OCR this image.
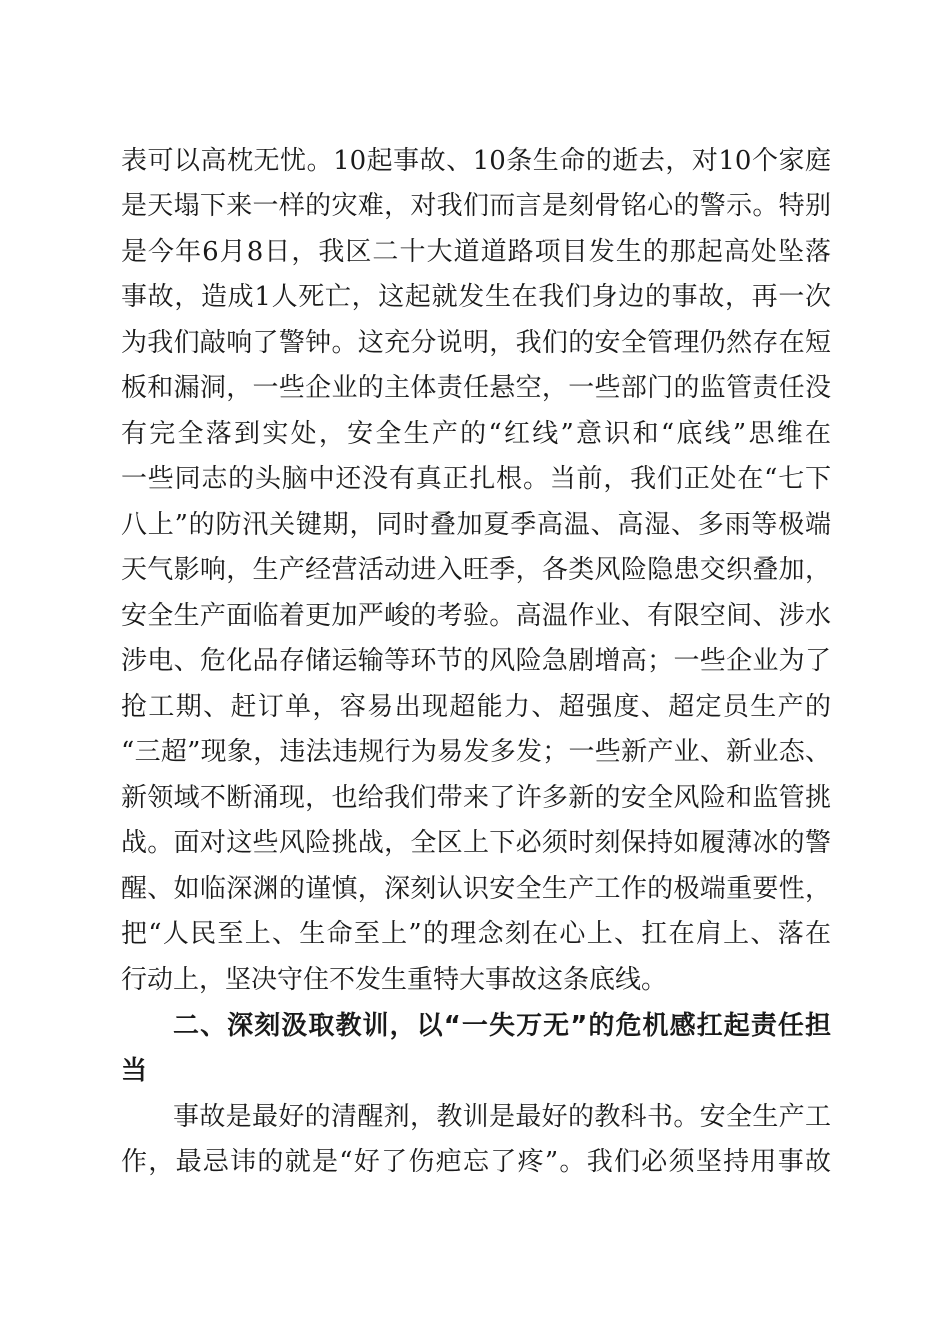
表可以高枕无忧。10起事故、10条生命的逝去，对10个家庭
是天塌下来一样的灾难，对我们而言是刻骨铭心的警示。特别
是今年6月8日，我区二十大道道路项目发生的那起高处坠落
事故，造成1人死亡，这起就发生在我们身边的事故，再一次
为我们敲响了警钟。这充分说明，我们的安全管理仍然存在短
板和漏洞，一些企业的主体责任悬空，一些部门的监管责任没
有完全落到实处，安全生产的“红线”意识和“底线”思维在
一些同志的头脑中还没有真正扎根。当前，我们正处在“七下
八上”的防汛关键期，同时叠加夏季高温、高湿、多雨等极端
天气影响，生产经营活动进入旺季，各类风险隐患交织叠加，
安全生产面临着更加严峻的考验。高温作业、有限空间、涉水
涉电、危化品存储运输等环节的风险急剧增高；一些企业为了
抢工期、赶订单，容易出现超能力、超强度、超定员生产的
“三超”现象，违法违规行为易发多发；一些新产业、新业态、
新领域不断涌现，也给我们带来了许多新的安全风险和监管挑
战。面对这些风险挑战，全区上下必须时刻保持如履薄冰的警
醒、如临深渊的谨慎，深刻认识安全生产工作的极端重要性，
把“人民至上、生命至上”的理念刻在心上、扛在肩上、落在
行动上，坚决守住不发生重特大事故这条底线。
二、深刻汲取教训，以“一失万无”的危机感扛起责任担
当
事故是最好的清醒剂，教训是最好的教科书。安全生产工
作，最忌讳的就是“好了伤疤忘了疼”。我们必须坚持用事故
